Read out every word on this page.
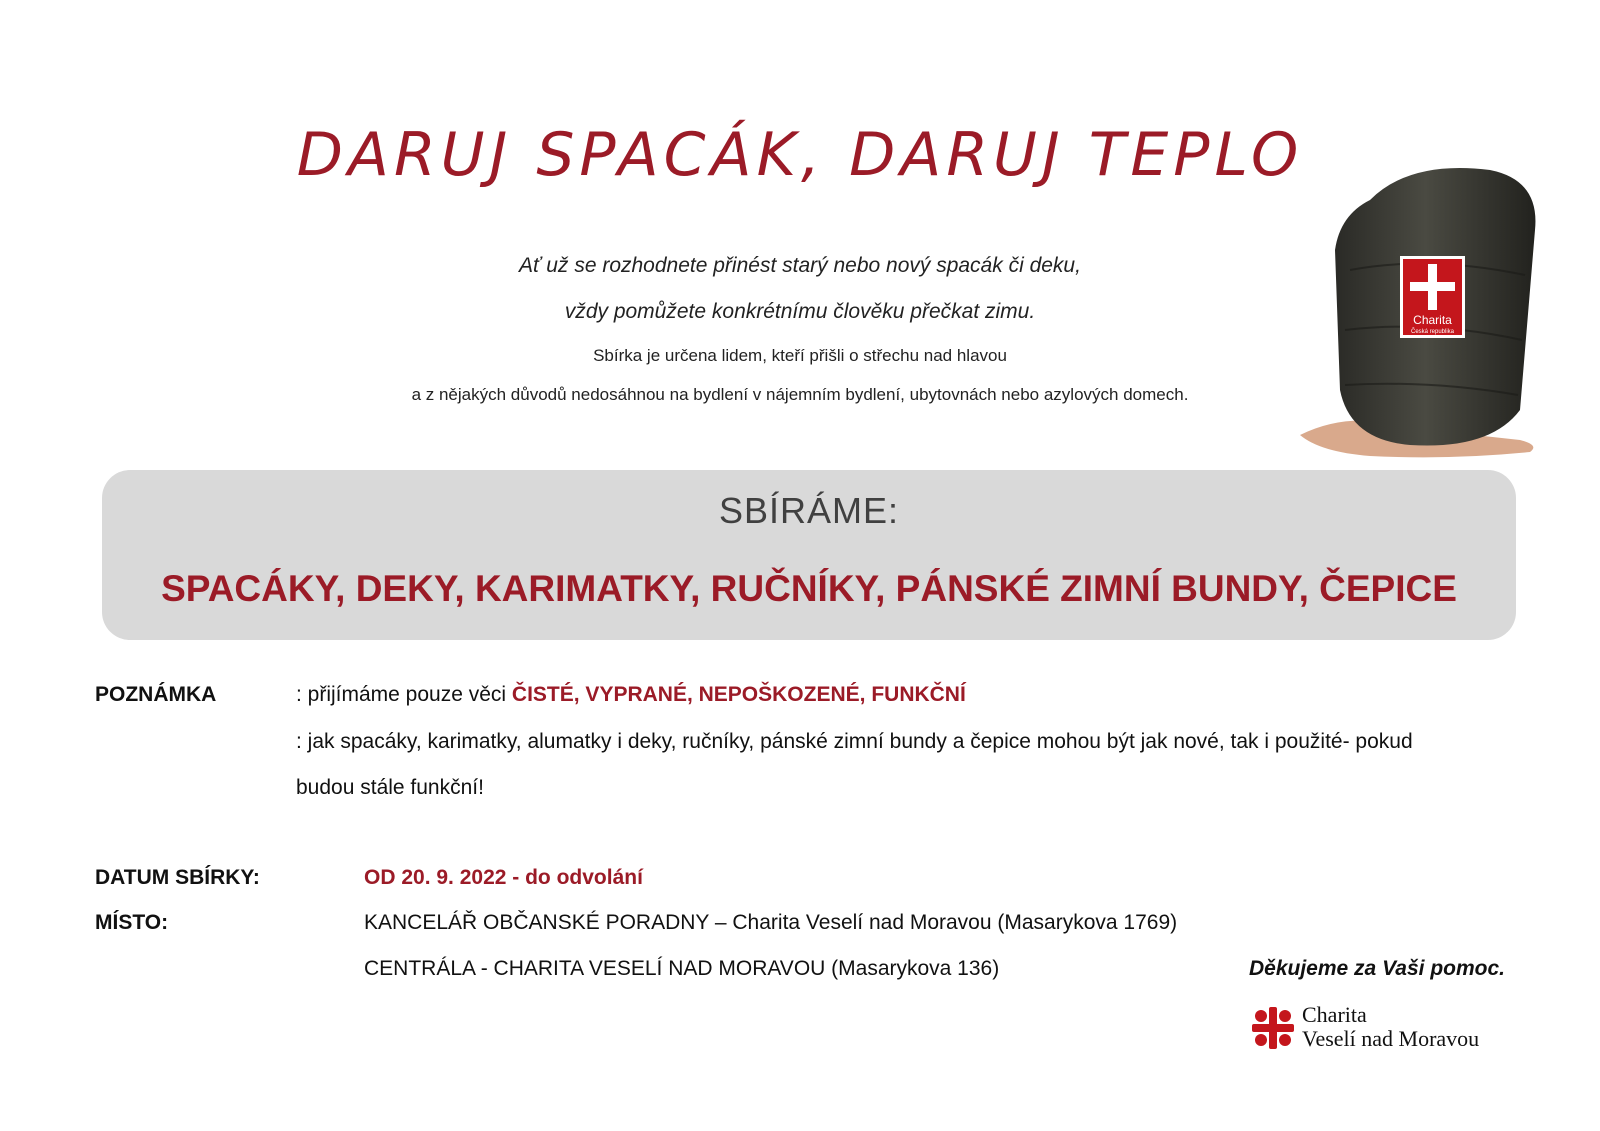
DARUJ SPACÁK, DARUJ TEPLO
Ať už se rozhodnete přinést starý nebo nový spacák či deku,
vždy pomůžete konkrétnímu člověku přečkat zimu.
Sbírka je určena lidem, kteří přišli o střechu nad hlavou
a z nějakých důvodů nedosáhnou na bydlení v nájemním bydlení, ubytovnách nebo azylových domech.
Charita
Česká republika
SBÍRÁME:
SPACÁKY, DEKY, KARIMATKY, RUČNÍKY, PÁNSKÉ ZIMNÍ BUNDY, ČEPICE
POZNÁMKA	: přijímáme pouze věci ČISTÉ, VYPRANÉ, NEPOŠKOZENÉ, FUNKČNÍ
: jak spacáky, karimatky, alumatky i deky, ručníky, pánské zimní bundy a čepice mohou být jak nové, tak i použité- pokud
budou stále funkční!
DATUM SBÍRKY:	OD 20. 9. 2022 - do odvolání
MÍSTO:	KANCELÁŘ OBČANSKÉ PORADNY – Charita Veselí nad Moravou (Masarykova 1769)
CENTRÁLA - CHARITA VESELÍ NAD MORAVOU (Masarykova 136)	Děkujeme za Vaši pomoc.
Charita
Veselí nad Moravou
